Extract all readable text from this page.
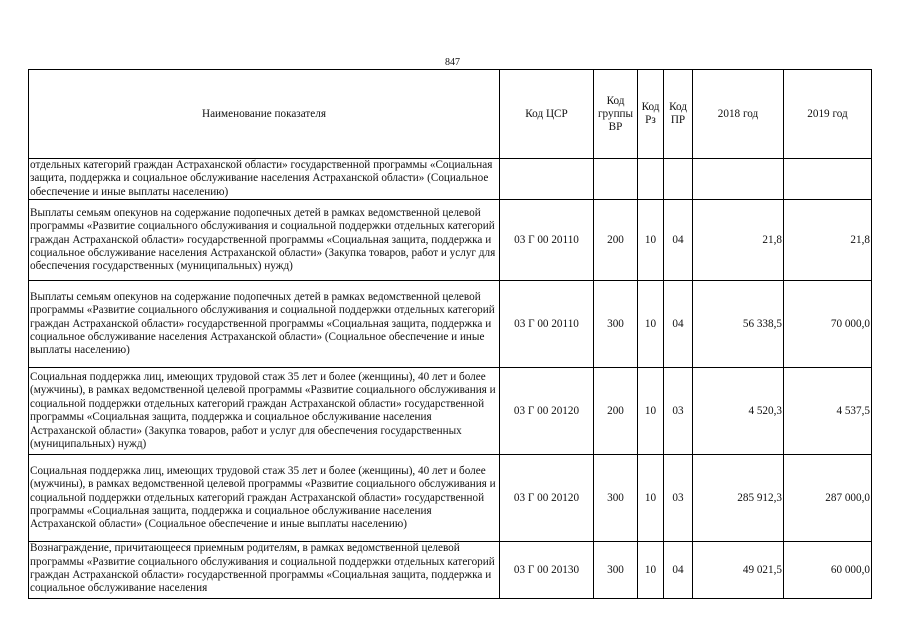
847
Наименование показателя	Код ЦСР	Код группы ВР	Код Рз	Код ПР	2018 год	2019 год
отдельных категорий граждан Астраханской области» государственной программы «Социальная защита, поддержка и социальное обслуживание населения Астраханской области» (Социальное обеспечение и иные выплаты населению)						
Выплаты семьям опекунов на содержание подопечных детей в рамках ведомственной целевой программы «Развитие социального обслуживания и социальной поддержки отдельных категорий граждан Астраханской области» государственной программы «Социальная защита, поддержка и социальное обслуживание населения Астраханской области» (Закупка товаров, работ и услуг для обеспечения государственных (муниципальных) нужд)	03 Г 00 20110	200	10	04	21,8	21,8
Выплаты семьям опекунов на содержание подопечных детей в рамках ведомственной целевой программы «Развитие социального обслуживания и социальной поддержки отдельных категорий граждан Астраханской области» государственной программы «Социальная защита, поддержка и социальное обслуживание населения Астраханской области» (Социальное обеспечение и иные выплаты населению)	03 Г 00 20110	300	10	04	56 338,5	70 000,0
Социальная поддержка лиц, имеющих трудовой стаж 35 лет и более (женщины), 40 лет и более (мужчины), в рамках ведомственной целевой программы «Развитие социального обслуживания и социальной поддержки отдельных категорий граждан Астраханской области» государственной программы «Социальная защита, поддержка и социальное обслуживание населения Астраханской области» (Закупка товаров, работ и услуг для обеспечения государственных (муниципальных) нужд)	03 Г 00 20120	200	10	03	4 520,3	4 537,5
Социальная поддержка лиц, имеющих трудовой стаж 35 лет и более (женщины), 40 лет и более (мужчины), в рамках ведомственной целевой программы «Развитие социального обслуживания и социальной поддержки отдельных категорий граждан Астраханской области» государственной программы «Социальная защита, поддержка и социальное обслуживание населения Астраханской области» (Социальное обеспечение и иные выплаты населению)	03 Г 00 20120	300	10	03	285 912,3	287 000,0
Вознаграждение, причитающееся приемным родителям, в рамках ведомственной целевой программы «Развитие социального обслуживания и социальной поддержки отдельных категорий граждан Астраханской области» государственной программы «Социальная защита, поддержка и социальное обслуживание населения	03 Г 00 20130	300	10	04	49 021,5	60 000,0
